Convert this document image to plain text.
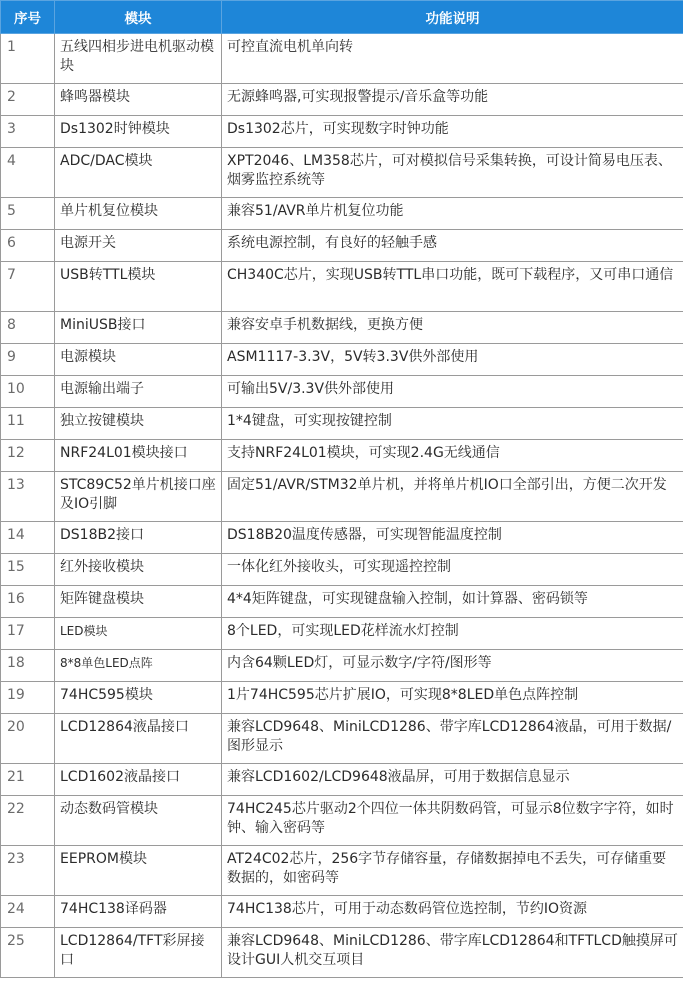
序号	模块	功能说明
1	五线四相步进电机驱动模块	可控直流电机单向转
2	蜂鸣器模块	无源蜂鸣器,可实现报警提示/音乐盒等功能
3	Ds1302时钟模块	Ds1302芯片，可实现数字时钟功能
4	ADC/DAC模块	XPT2046、LM358芯片，可对模拟信号采集转换，可设计简易电压表、烟雾监控系统等
5	单片机复位模块	兼容51/AVR单片机复位功能
6	电源开关	系统电源控制，有良好的轻触手感
7	USB转TTL模块	CH340C芯片，实现USB转TTL串口功能，既可下载程序，又可串口通信
8	MiniUSB接口	兼容安卓手机数据线，更换方便
9	电源模块	ASM1117-3.3V，5V转3.3V供外部使用
10	电源输出端子	可输出5V/3.3V供外部使用
11	独立按键模块	1*4键盘，可实现按键控制
12	NRF24L01模块接口	支持NRF24L01模块，可实现2.4G无线通信
13	STC89C52单片机接口座及IO引脚	固定51/AVR/STM32单片机，并将单片机IO口全部引出，方便二次开发
14	DS18B2接口	DS18B20温度传感器，可实现智能温度控制
15	红外接收模块	一体化红外接收头，可实现遥控控制
16	矩阵键盘模块	4*4矩阵键盘，可实现键盘输入控制，如计算器、密码锁等
17	LED模块	8个LED，可实现LED花样流水灯控制
18	8*8单色LED点阵	内含64颗LED灯，可显示数字/字符/图形等
19	74HC595模块	1片74HC595芯片扩展IO，可实现8*8LED单色点阵控制
20	LCD12864液晶接口	兼容LCD9648、MiniLCD1286、带字库LCD12864液晶，可用于数据/图形显示
21	LCD1602液晶接口	兼容LCD1602/LCD9648液晶屏，可用于数据信息显示
22	动态数码管模块	74HC245芯片驱动2个四位一体共阴数码管，可显示8位数字字符，如时钟、输入密码等
23	EEPROM模块	AT24C02芯片，256字节存储容量，存储数据掉电不丢失，可存储重要数据的，如密码等
24	74HC138译码器	74HC138芯片，可用于动态数码管位选控制，节约IO资源
25	LCD12864/TFT彩屏接口	兼容LCD9648、MiniLCD1286、带字库LCD12864和TFTLCD触摸屏可设计GUI人机交互项目
